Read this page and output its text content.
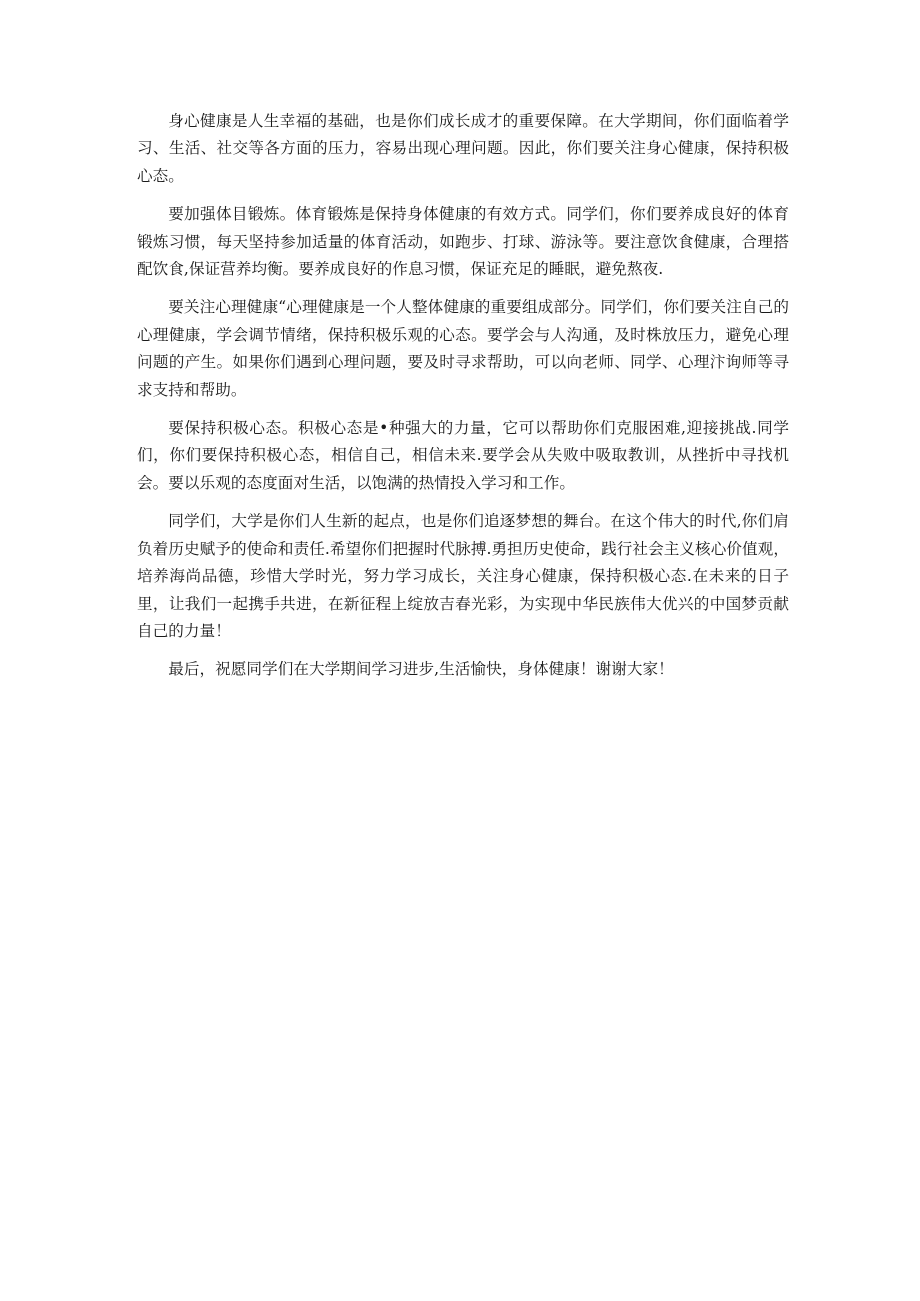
身心健康是人生幸福的基础，也是你们成长成才的重要保障。在大学期间，你们面临着学习、生活、社交等各方面的压力，容易出现心理问题。因此，你们要关注身心健康，保持积极心态。

要加强体目锻炼。体育锻炼是保持身体健康的有效方式。同学们，你们要养成良好的体育锻炼习惯，每天坚持参加适量的体育活动，如跑步、打球、游泳等。要注意饮食健康，合理搭配饮食,保证营养均衡。要养成良好的作息习惯，保证充足的睡眠，避免熬夜.

要关注心理健康“心理健康是一个人整体健康的重要组成部分。同学们，你们要关注自己的心理健康，学会调节情绪，保持积极乐观的心态。要学会与人沟通，及时株放压力，避免心理问题的产生。如果你们遇到心理问题，要及时寻求帮助，可以向老师、同学、心理汴询师等寻求支持和帮助。

要保持积极心态。积极心态是•种强大的力量，它可以帮助你们克服困难,迎接挑战.同学们，你们要保持积极心态，相信自己，相信未来.要学会从失败中吸取教训，从挫折中寻找机会。要以乐观的态度面对生活，以饱满的热情投入学习和工作。

同学们，大学是你们人生新的起点，也是你们追逐梦想的舞台。在这个伟大的时代,你们肩负着历史赋予的使命和责任.希望你们把握时代脉搏.勇担历史使命，践行社会主义核心价值观，培养海尚品德，珍惜大学时光，努力学习成长，关注身心健康，保持积极心态.在未来的日子里，让我们一起携手共进，在新征程上绽放吉春光彩，为实现中华民族伟大优兴的中国梦贡献自己的力量！

最后，祝愿同学们在大学期间学习进步,生活愉快，身体健康！谢谢大家！
